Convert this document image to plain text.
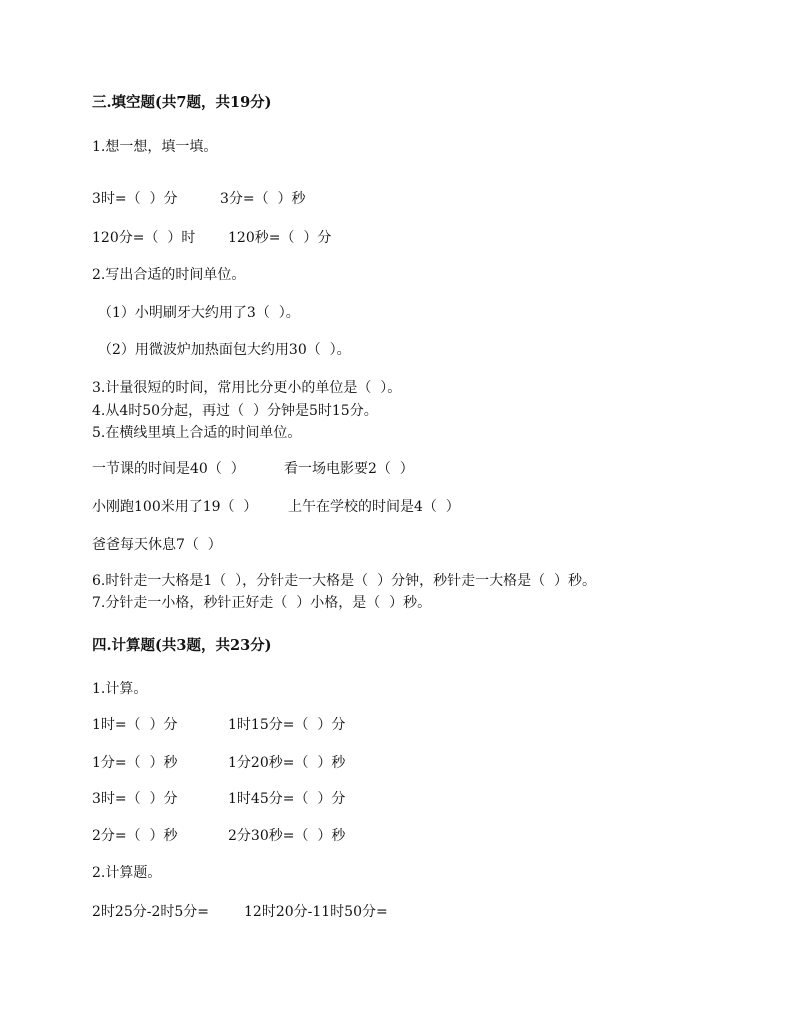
三.填空题(共7题，共19分)
1.想一想，填一填。
3时=（  ）分	3分=（  ）秒
120分=（  ）时 120秒=（  ）分
2.写出合适的时间单位。
（1）小明刷牙大约用了3（  ）。
（2）用微波炉加热面包大约用30（  ）。
3.计量很短的时间，常用比分更小的单位是（  ）。
4.从4时50分起，再过（  ）分钟是5时15分。
5.在横线里填上合适的时间单位。
一节课的时间是40（  ）	看一场电影要2（  ）
小刚跑100米用了19（  ） 上午在学校的时间是4（  ）
爸爸每天休息7（  ）
6.时针走一大格是1（  ），分针走一大格是（  ）分钟，秒针走一大格是（  ）秒。
7.分针走一小格，秒针正好走（  ）小格，是（  ）秒。
四.计算题(共3题，共23分)
1.计算。
1时=（  ）分	1时15分=（  ）分
1分=（  ）秒	1分20秒=（  ）秒
3时=（  ）分	1时45分=（  ）分
2分=（  ）秒	2分30秒=（  ）秒
2.计算题。
2时25分-2时5分=	12时20分-11时50分=
